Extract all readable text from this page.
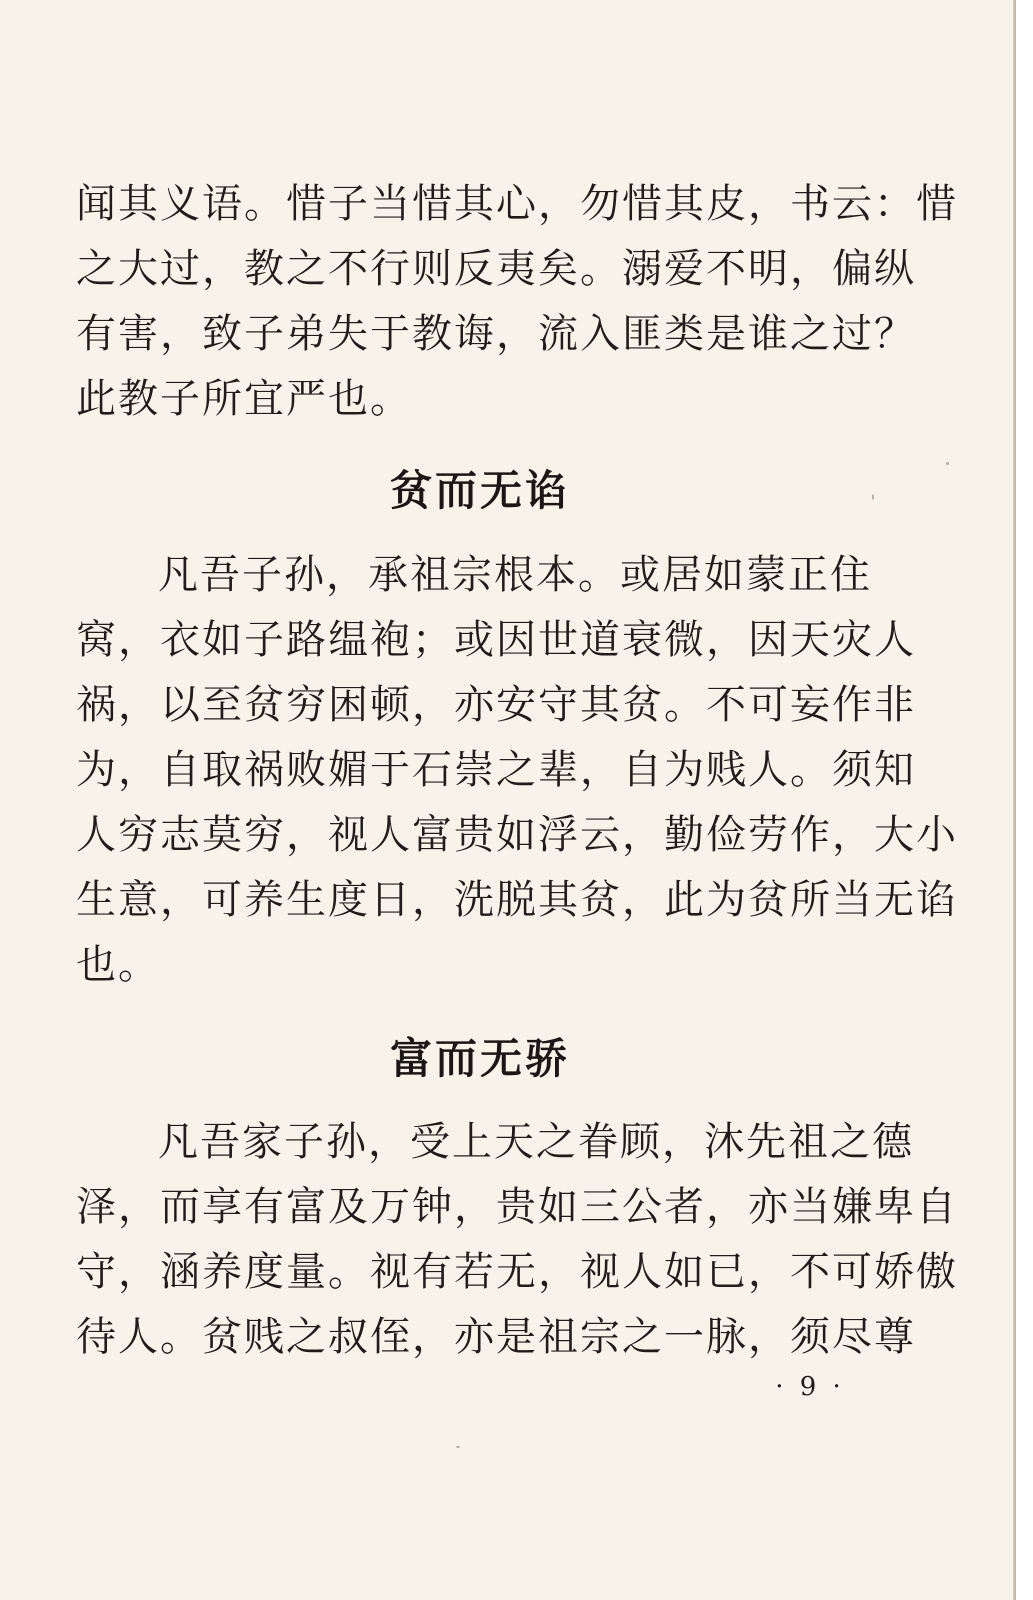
闻其义语。惜子当惜其心，勿惜其皮，书云：惜
之大过，教之不行则反夷矣。溺爱不明，偏纵
有害，致子弟失于教诲，流入匪类是谁之过？
此教子所宜严也。
贫而无谄
凡吾子孙，承祖宗根本。或居如蒙正住
窝，衣如子路缊袍；或因世道衰微，因天灾人
祸，以至贫穷困顿，亦安守其贫。不可妄作非
为，自取祸败媚于石崇之辈，自为贱人。须知
人穷志莫穷，视人富贵如浮云，勤俭劳作，大小
生意，可养生度日，洗脱其贫，此为贫所当无谄
也。
富而无骄
凡吾家子孙，受上天之眷顾，沐先祖之德
泽，而享有富及万钟，贵如三公者，亦当嫌卑自
守，涵养度量。视有若无，视人如已，不可娇傲
待人。贫贱之叔侄，亦是祖宗之一脉，须尽尊
· 9 ·
